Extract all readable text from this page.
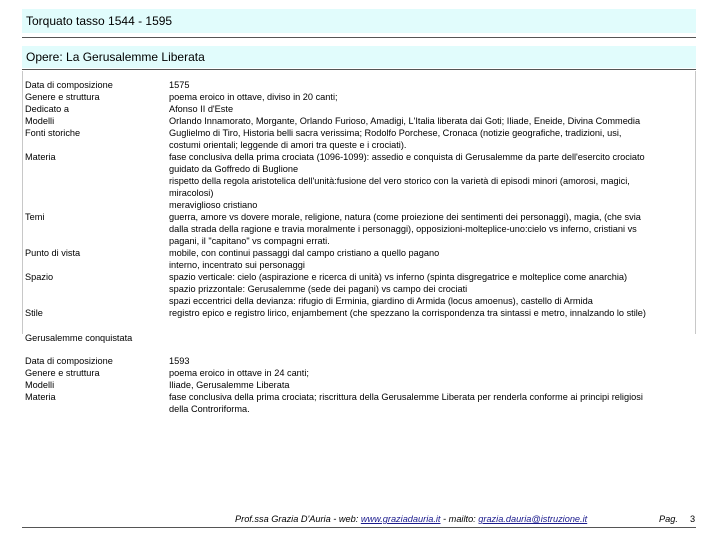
Torquato tasso 1544 - 1595
Opere: La Gerusalemme Liberata
Data di composizione	1575
Genere e struttura	poema eroico in ottave, diviso in 20 canti;
Dedicato a	Afonso II d'Este
Modelli	Orlando Innamorato, Morgante, Orlando Furioso, Amadigi, L'Italia liberata dai Goti; Iliade, Eneide, Divina Commedia
Fonti storiche	Guglielmo di Tiro, Historia belli sacra verissima; Rodolfo Porchese, Cronaca (notizie geografiche, tradizioni, usi,
costumi orientali; leggende di amori tra queste e i crociati).
Materia	fase conclusiva della prima crociata (1096-1099): assedio e conquista di Gerusalemme da parte dell'esercito crociato
guidato da Goffredo di Buglione
rispetto della regola aristotelica dell'unità:fusione del vero storico con la varietà di episodi minori (amorosi, magici,
miracolosi)
meraviglioso cristiano
Temi	guerra, amore vs dovere morale, religione, natura (come proiezione dei sentimenti dei personaggi), magia, (che svia
dalla strada della ragione e travia moralmente i personaggi), opposizioni-molteplice-uno:cielo vs inferno, cristiani vs
pagani, il "capitano" vs compagni errati.
Punto di vista	mobile, con continui passaggi dal campo cristiano a quello pagano
interno, incentrato sui personaggi
Spazio	spazio verticale: cielo (aspirazione e ricerca di unità) vs inferno (spinta disgregatrice e molteplice come anarchia)
spazio prizzontale: Gerusalemme (sede dei pagani) vs campo dei crociati
spazi eccentrici della devianza: rifugio di Erminia, giardino di Armida (locus amoenus), castello di Armida
Stile	registro epico e registro lirico, enjambement (che spezzano la corrispondenza tra sintassi e metro, innalzando lo stile)
Gerusalemme conquistata
Data di composizione	1593
Genere e struttura	poema eroico in ottave in 24 canti;
Modelli	Iliade, Gerusalemme Liberata
Materia	fase conclusiva della prima crociata; riscrittura della Gerusalemme Liberata per renderla conforme ai principi religiosi
della Controriforma.
Prof.ssa Grazia D'Auria - web: www.graziadauria.it - mailto: grazia.dauria@istruzione.it	Pag. 3
